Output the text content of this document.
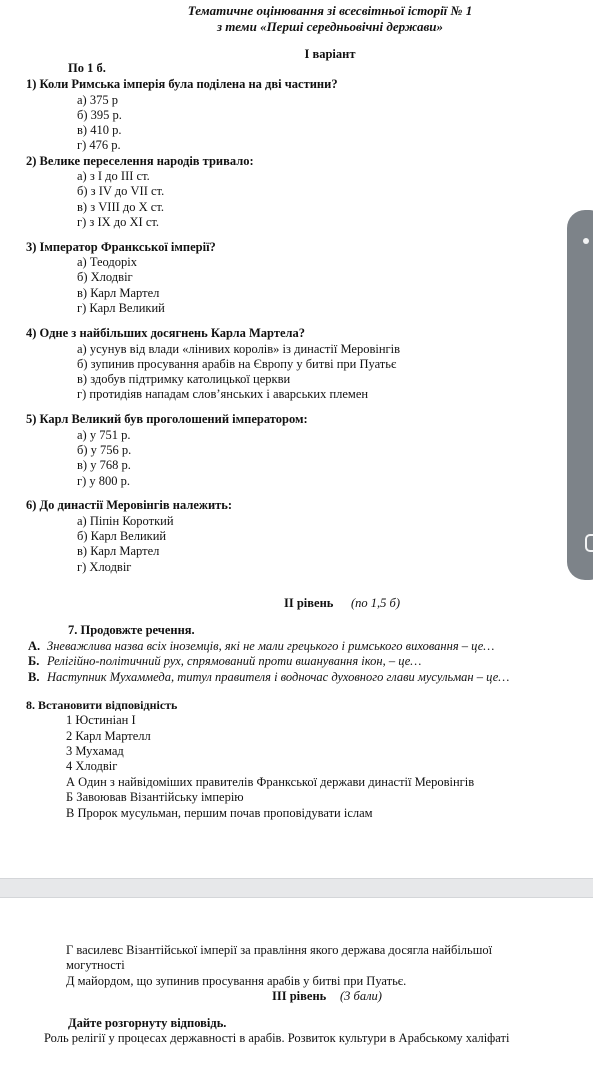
Тематичне оцінювання зі всесвітньої історії № 1
з теми «Перші середньовічні держави»
І варіант
По 1 б.
1) Коли Римська імперія була поділена на дві частини?
а) 375 р
б) 395 р.
в) 410 р.
г) 476 р.
2) Велике переселення народів тривало:
а) з І до ІІІ ст.
б) з IV до VII ст.
в) з VIII до Х ст.
г) з IX до XI ст.
3) Імператор Франкської імперії?
а) Теодоріх
б) Хлодвіг
в) Карл Мартел
г) Карл Великий
4) Одне з найбільших досягнень Карла Мартела?
а) усунув від влади «лінивих королів» із династії Меровінгів
б) зупинив просування арабів на Європу у битві при Пуатьє
в) здобув підтримку католицької церкви
г) протидіяв нападам слов’янських і аварських племен
5) Карл Великий був проголошений імператором:
а) у 751 р.
б) у 756 р.
в) у 768 р.
г) у 800 р.
6) До династії Меровінгів належить:
а) Піпін Короткий
б) Карл Великий
в) Карл Мартел
г) Хлодвіг
ІІ рівень (по 1,5 б)
7. Продовжте речення.
А. Зневажлива назва всіх іноземців, які не мали грецького і римського виховання – це…
Б. Релігійно-політичний рух, спрямований проти вшанування ікон, – це…
В. Наступник Мухаммеда, титул правителя і водночас духовного глави мусульман – це…
8. Встановити відповідність
1 Юстиніан І
2 Карл Мартелл
3 Мухамад
4 Хлодвіг
А Один з найвідоміших правителів Франкської держави династії Меровінгів
Б Завоював Візантійську імперію
В Пророк мусульман, першим почав проповідувати іслам
Г василевс Візантійської імперії за правління якого держава досягла найбільшої
могутності
Д майордом, що зупинив просування арабів у битві при Пуатьє.
ІІІ рівень (3 бали)
Дайте розгорнуту відповідь.
Роль релігії у процесах державності в арабів. Розвиток культури в Арабському халіфаті
